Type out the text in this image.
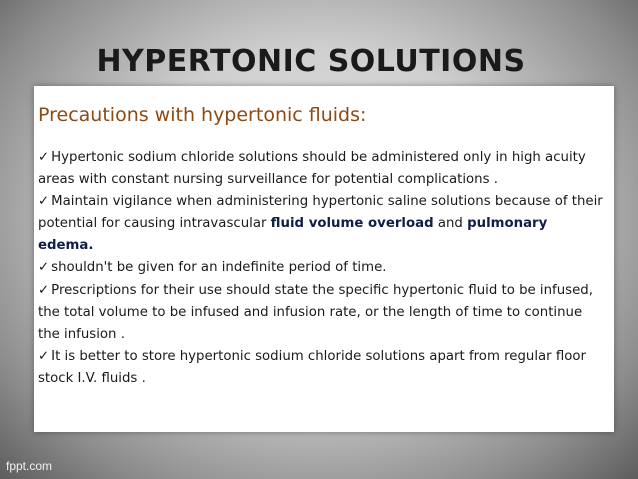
HYPERTONIC SOLUTIONS
Precautions with hypertonic fluids:

✓ Hypertonic sodium chloride solutions should be administered only in high acuity areas with constant nursing surveillance for potential complications .

✓ Maintain vigilance when administering hypertonic saline solutions because of their potential for causing intravascular fluid volume overload and pulmonary edema.

✓ shouldn't be given for an indefinite period of time.

✓ Prescriptions for their use should state the specific hypertonic fluid to be infused, the total volume to be infused and infusion rate, or the length of time to continue the infusion .

✓ It is better to store hypertonic sodium chloride solutions apart from regular floor stock I.V. fluids .

fppt.com
